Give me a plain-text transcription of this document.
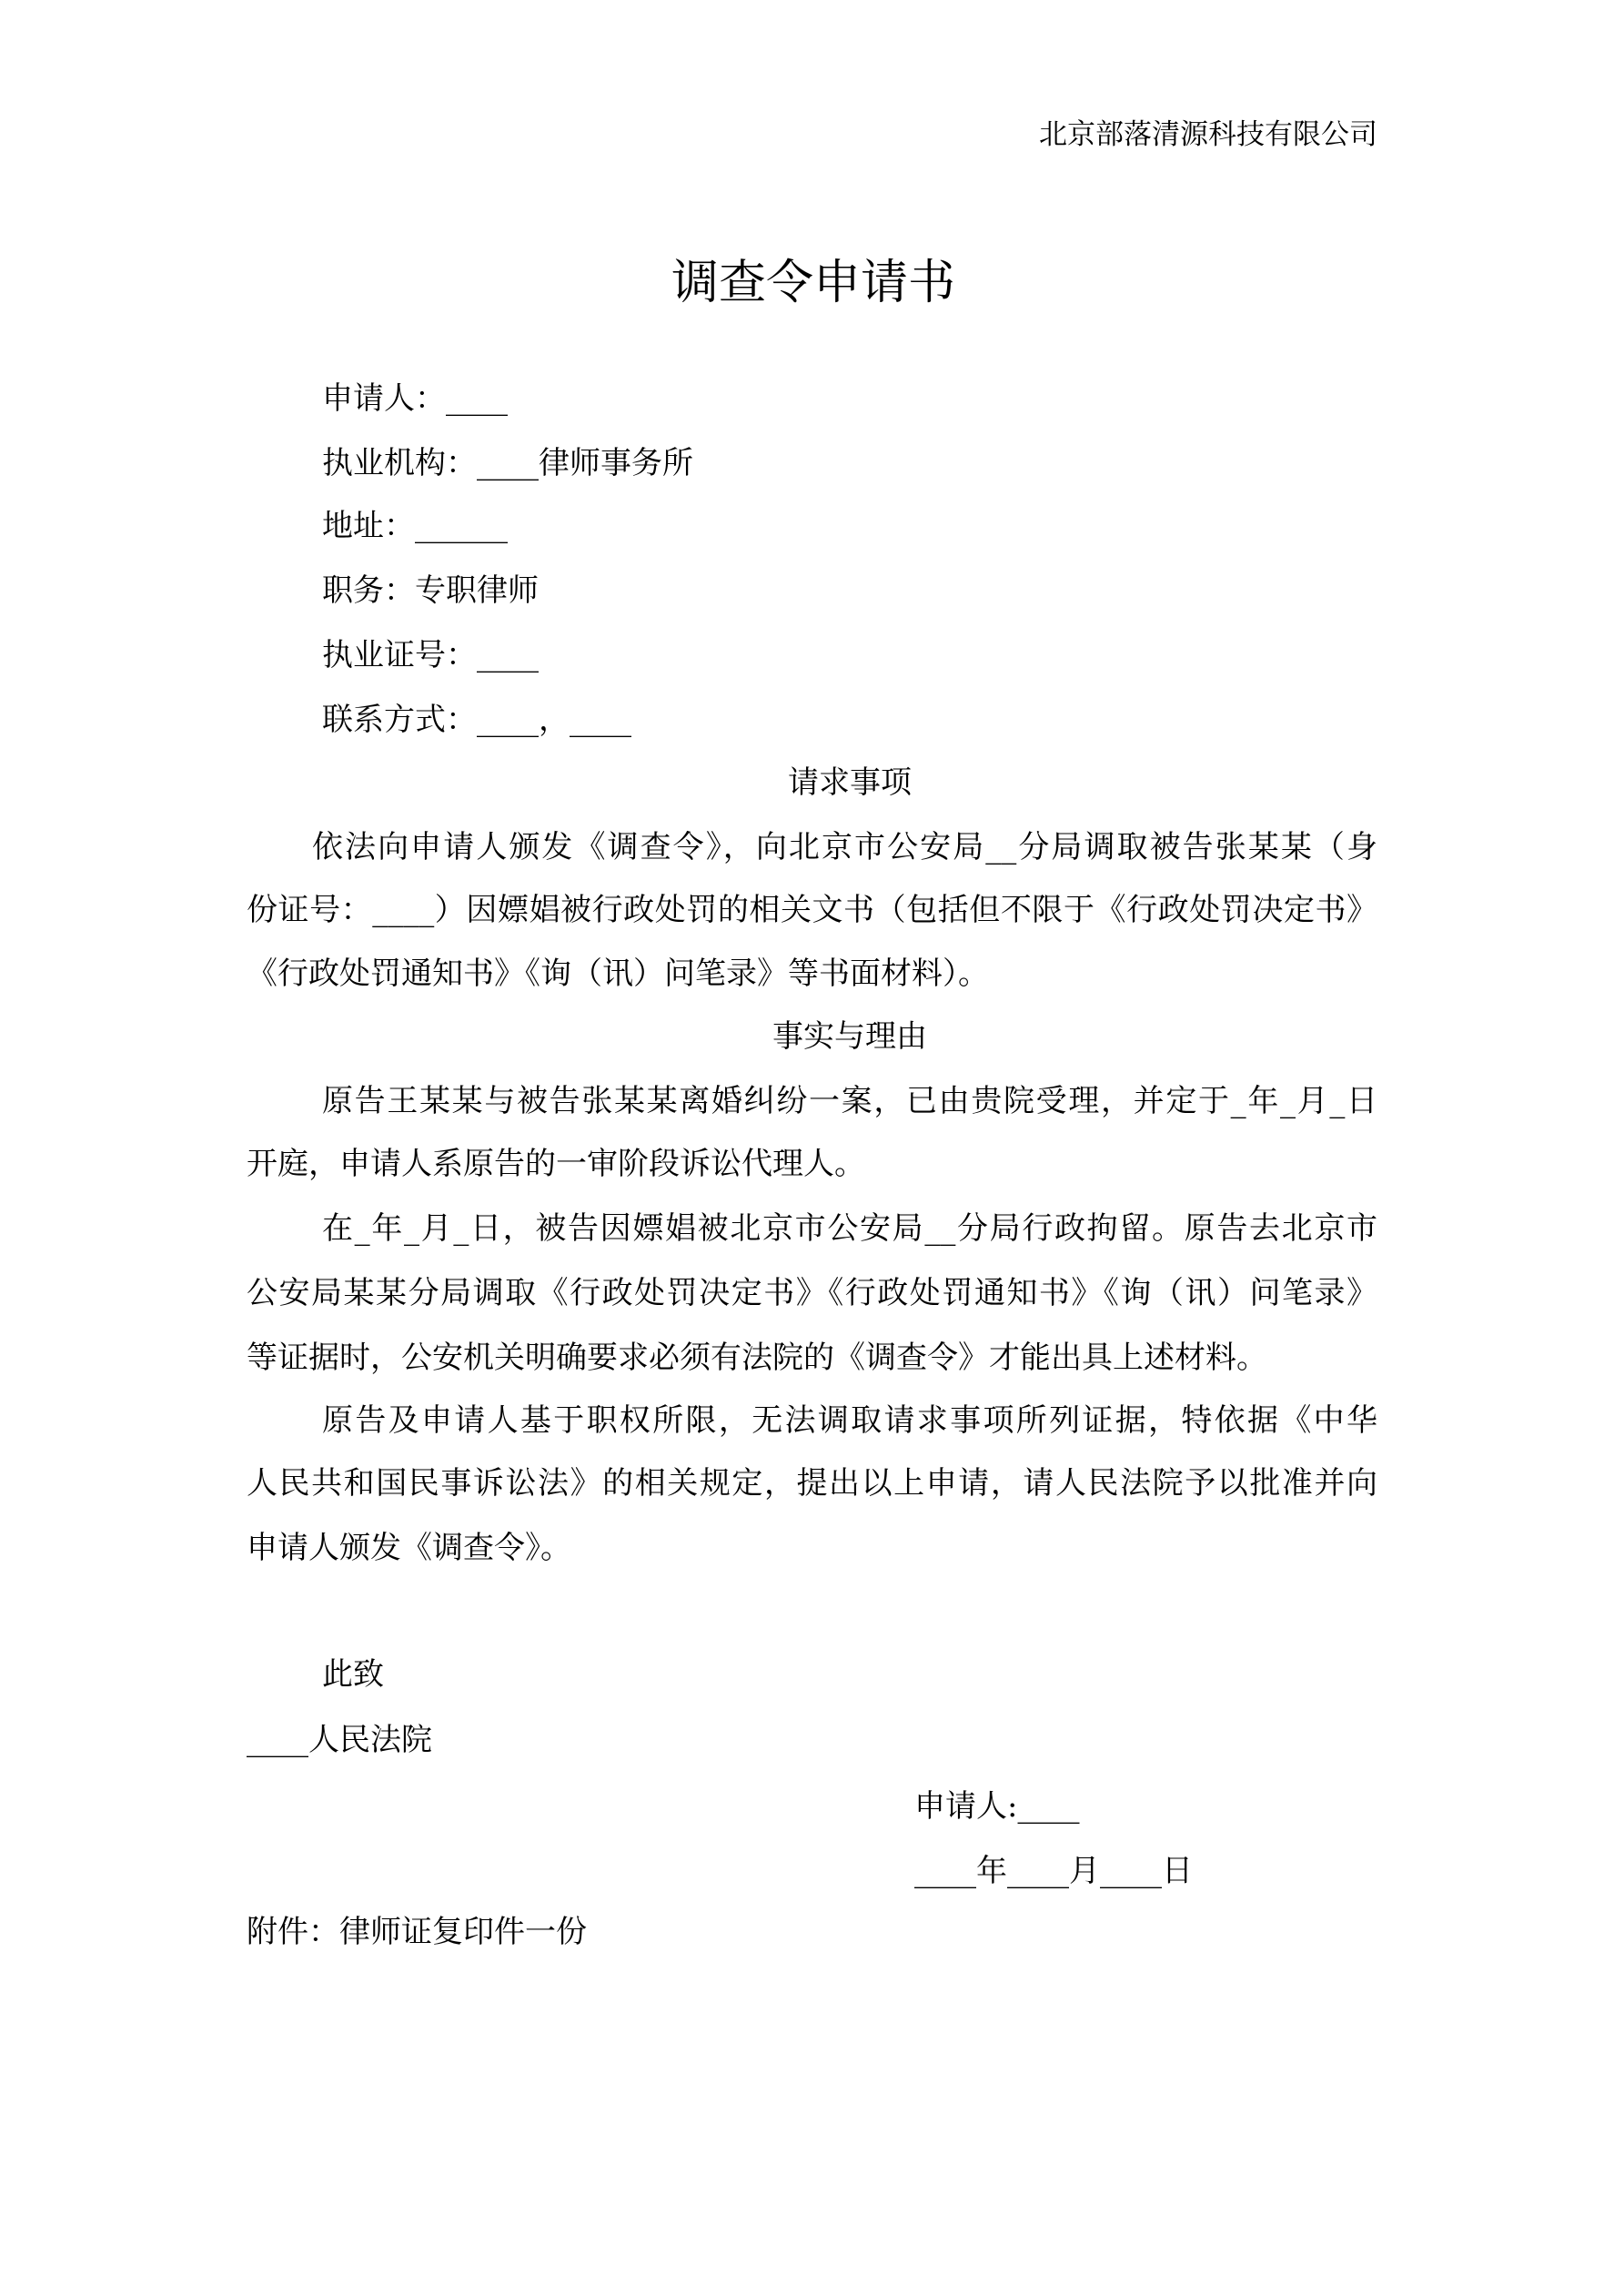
北京部落清源科技有限公司
调查令申请书
申请人：____
执业机构：____律师事务所
地址：______
职务：专职律师
执业证号：____
联系方式：____，____
请求事项
依法向申请人颁发《调查令》，向北京市公安局__分局调取被告张某某（身
份证号：____）因嫖娼被行政处罚的相关文书（包括但不限于《行政处罚决定书》
《行政处罚通知书》《询（讯）问笔录》等书面材料）。
事实与理由
原告王某某与被告张某某离婚纠纷一案，已由贵院受理，并定于_年_月_日
开庭，申请人系原告的一审阶段诉讼代理人。
在_年_月_日，被告因嫖娼被北京市公安局__分局行政拘留。原告去北京市
公安局某某分局调取《行政处罚决定书》《行政处罚通知书》《询（讯）问笔录》
等证据时，公安机关明确要求必须有法院的《调查令》才能出具上述材料。
原告及申请人基于职权所限，无法调取请求事项所列证据，特依据《中华
人民共和国民事诉讼法》的相关规定，提出以上申请，请人民法院予以批准并向
申请人颁发《调查令》。
此致
____人民法院
申请人:____
____年____月____日
附件：律师证复印件一份
